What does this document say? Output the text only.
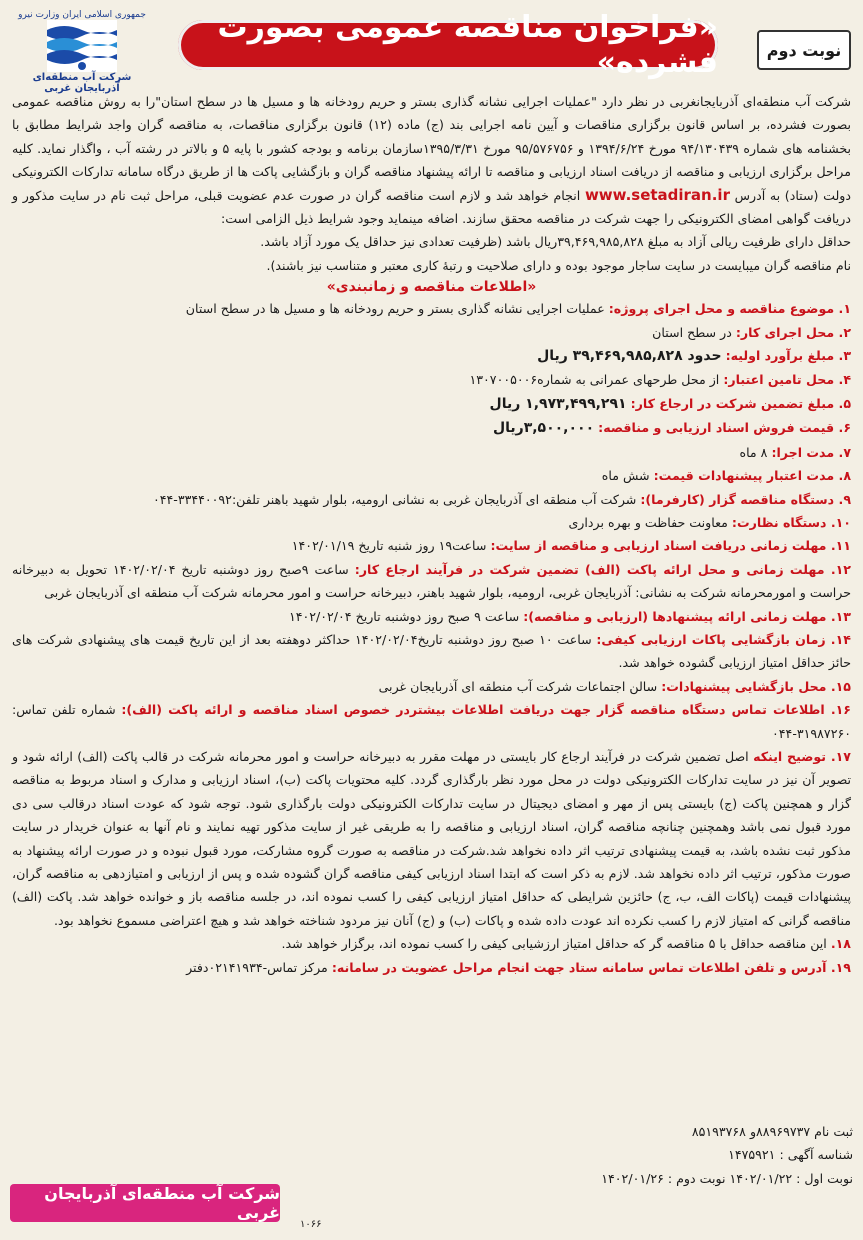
جمهوری اسلامی ایران وزارت نیرو
شرکت آب منطقه‌ای آذربایجان غربی
«فراخوان مناقصه عمومی بصورت فشرده»	نوبت دوم
شرکت آب منطقه‌ای آذربایجانغربی در نظر دارد "عملیات اجرایی نشانه گذاری بستر و حریم رودخانه ها و مسیل ها در سطح استان"را به روش مناقصه عمومی بصورت فشرده، بر اساس قانون برگزاری مناقصات و آیین نامه اجرایی بند (ج) ماده (۱۲) قانون برگزاری مناقصات، به مناقصه گران واجد شرایط مطابق با بخشنامه های شماره ۹۴/۱۳۰۴۳۹ مورخ ۱۳۹۴/۶/۲۴ و ۹۵/۵۷۶۷۵۶ مورخ ۱۳۹۵/۳/۳۱سازمان برنامه و بودجه کشور با پایه ۵ و بالاتر در رشته آب ، واگذار نماید. کلیه مراحل برگزاری ارزیابی و مناقصه از دریافت اسناد ارزیابی و مناقصه تا ارائه پیشنهاد مناقصه گران و بازگشایی پاکت ها از طریق درگاه سامانه تدارکات الکترونیکی دولت (ستاد) به آدرس www.setadiran.ir انجام خواهد شد و لازم است مناقصه گران در صورت عدم عضویت قبلی، مراحل ثبت نام در سایت مذکور و دریافت گواهی امضای الکترونیکی را جهت شرکت در مناقصه محقق سازند. اضافه مینماید وجود شرایط ذیل الزامی است:
حداقل دارای ظرفیت ریالی آزاد به مبلغ ۳۹,۴۶۹,۹۸۵,۸۲۸ریال باشد (ظرفیت تعدادی نیز حداقل یک مورد آزاد باشد.
نام مناقصه گران میبایست در سایت ساجار موجود بوده و دارای صلاحیت و رتبهٔ کاری معتبر و متناسب نیز باشند).
«اطلاعات مناقصه و زمانبندی»
۱. موضوع مناقصه و محل اجرای پروژه: عملیات اجرایی نشانه گذاری بستر و حریم رودخانه ها و مسیل ها در سطح استان
۲. محل اجرای کار: در سطح استان
۳. مبلغ برآورد اولیه: حدود ۳۹,۴۶۹,۹۸۵,۸۲۸ ریال
۴. محل تامین اعتبار: از محل طرحهای عمرانی به شماره۱۳۰۷۰۰۵۰۰۶
۵. مبلغ تضمین شرکت در ارجاع کار: ۱,۹۷۳,۴۹۹,۲۹۱ ریال
۶. قیمت فروش اسناد ارزیابی و مناقصه: ۳,۵۰۰,۰۰۰ریال
۷. مدت اجرا: ۸ ماه
۸. مدت اعتبار پیشنهادات قیمت: شش ماه
۹. دستگاه مناقصه گزار (کارفرما): شرکت آب منطقه ای آذربایجان غربی به نشانی ارومیه، بلوار شهید باهنر تلفن:۳۳۴۴۰۰۹۲-۰۴۴
۱۰. دستگاه نظارت: معاونت حفاظت و بهره برداری
۱۱. مهلت زمانی دریافت اسناد ارزیابی و مناقصه از سایت: ساعت۱۹ روز شنبه تاریخ ۱۴۰۲/۰۱/۱۹
۱۲. مهلت زمانی و محل ارائه پاکت (الف) تضمین شرکت در فرآیند ارجاع کار: ساعت ۹صبح روز دوشنبه تاریخ ۱۴۰۲/۰۲/۰۴ تحویل به دبیرخانه حراست و امورمحرمانه شرکت به نشانی: آذربایجان غربی، ارومیه، بلوار شهید باهنر، دبیرخانه حراست و امور محرمانه شرکت آب منطقه ای آذربایجان غربی
۱۳. مهلت زمانی ارائه پیشنهادها (ارزیابی و مناقصه): ساعت ۹ صبح روز دوشنبه تاریخ ۱۴۰۲/۰۲/۰۴
۱۴. زمان بازگشایی پاکات ارزیابی کیفی: ساعت ۱۰ صبح روز دوشنبه تاریخ۱۴۰۲/۰۲/۰۴ حداکثر دوهفته بعد از این تاریخ قیمت های پیشنهادی شرکت های حائز حداقل امتیاز ارزیابی گشوده خواهد شد.
۱۵. محل بازگشایی پیشنهادات: سالن اجتماعات شرکت آب منطقه ای آذربایجان غربی
۱۶. اطلاعات تماس دستگاه مناقصه گزار جهت دریافت اطلاعات بیشتردر خصوص اسناد مناقصه و ارائه پاکت (الف): شماره تلفن تماس: ۳۱۹۸۷۲۶۰-۰۴۴
۱۷. توضیح اینکه اصل تضمین شرکت در فرآیند ارجاع کار بایستی در مهلت مقرر به دبیرخانه حراست و امور محرمانه شرکت در قالب پاکت (الف) ارائه شود و تصویر آن نیز در سایت تدارکات الکترونیکی دولت در محل مورد نظر بارگذاری گردد. کلیه محتویات پاکت (ب)، اسناد ارزیابی و مدارک و اسناد مربوط به مناقصه گزار و همچنین پاکت (ج) بایستی پس از مهر و امضای دیجیتال در سایت تدارکات الکترونیکی دولت بارگذاری شود. توجه شود که عودت اسناد درقالب سی دی مورد قبول نمی باشد وهمچنین چنانچه مناقصه گران، اسناد ارزیابی و مناقصه را به طریقی غیر از سایت مذکور تهیه نمایند و نام آنها به عنوان خریدار در سایت مذکور ثبت نشده باشد، به قیمت پیشنهادی ترتیب اثر داده نخواهد شد.شرکت در مناقصه به صورت گروه مشارکت، مورد قبول نبوده و در صورت ارائه پیشنهاد به صورت مذکور، ترتیب اثر داده نخواهد شد. لازم به ذکر است که ابتدا اسناد ارزیابی کیفی مناقصه گران گشوده شده و پس از ارزیابی و امتیازدهی به مناقصه گران، پیشنهادات قیمت (پاکات الف، ب، ج) حائزین شرایطی که حداقل امتیاز ارزیابی کیفی را کسب نموده اند، در جلسه مناقصه باز و خوانده خواهد شد. پاکت (الف) مناقصه گرانی که امتیاز لازم را کسب نکرده اند عودت داده شده و پاکات (ب) و (ج) آنان نیز مردود شناخته خواهد شد و هیچ اعتراضی مسموع نخواهد بود.
۱۸. این مناقصه حداقل با ۵ مناقصه گر که حداقل امتیاز ارزشیابی کیفی را کسب نموده اند، برگزار خواهد شد.
۱۹. آدرس و تلفن اطلاعات تماس سامانه ستاد جهت انجام مراحل عضویت در سامانه: مرکز تماس-۰۲۱۴۱۹۳۴دفتر
ثبت نام ۸۸۹۶۹۷۳۷و ۸۵۱۹۳۷۶۸
شناسه آگهی : ۱۴۷۵۹۲۱
نوبت اول : ۱۴۰۲/۰۱/۲۲ نوبت دوم : ۱۴۰۲/۰۱/۲۶
شرکت آب منطقه‌ای آذربایجان غربی
۱۰۶۶
